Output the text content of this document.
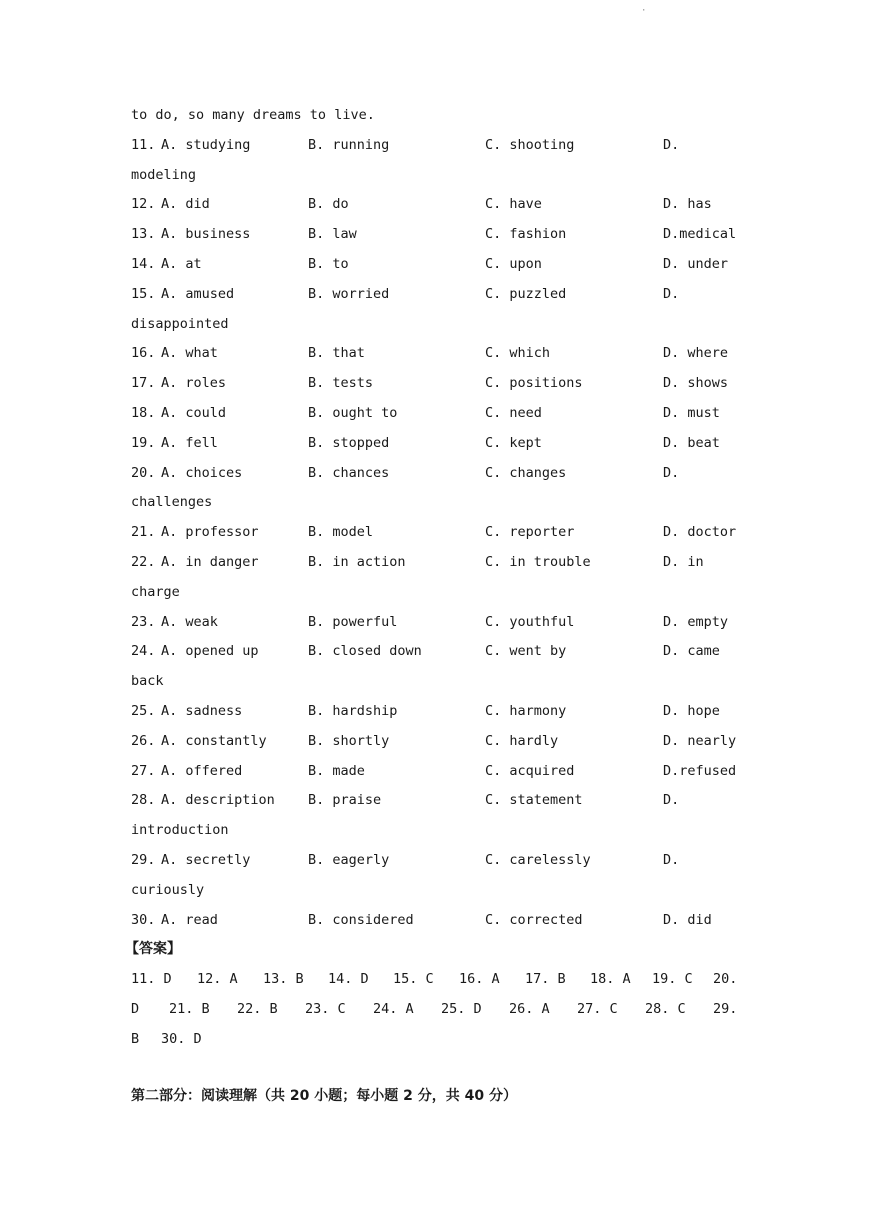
·
to do, so many dreams to live.
11. A. studying	B. running	C. shooting	D.
modeling
12. A. did	B. do	C. have	D. has
13. A. business	B. law	C. fashion	D.medical
14. A. at	B. to	C. upon	D. under
15. A. amused	B. worried	C. puzzled	D.
disappointed
16. A. what	B. that	C. which	D. where
17. A. roles	B. tests	C. positions	D. shows
18. A. could	B. ought to	C. need	D. must
19. A. fell	B. stopped	C. kept	D. beat
20. A. choices	B. chances	C. changes	D.
challenges
21. A. professor	B. model	C. reporter	D. doctor
22. A. in danger	B. in action	C. in trouble	D. in
charge
23. A. weak	B. powerful	C. youthful	D. empty
24. A. opened up	B. closed down	C. went by	D. came
back
25. A. sadness	B. hardship	C. harmony	D. hope
26. A. constantly	B. shortly	C. hardly	D. nearly
27. A. offered	B. made	C. acquired	D.refused
28. A. description B. praise	C. statement	D.
introduction
29. A. secretly	B. eagerly	C. carelessly	D.
curiously
30. A. read	B. considered	C. corrected	D. did
【答案】
11. D 12. A 13. B 14. D 15. C 16. A 17. B 18. A 19. C 20.
D 21. B 22. B 23. C 24. A 25. D 26. A 27. C 28. C 29.
B 30. D
第二部分：阅读理解（共 20 小题；每小题 2 分，共 40 分）
